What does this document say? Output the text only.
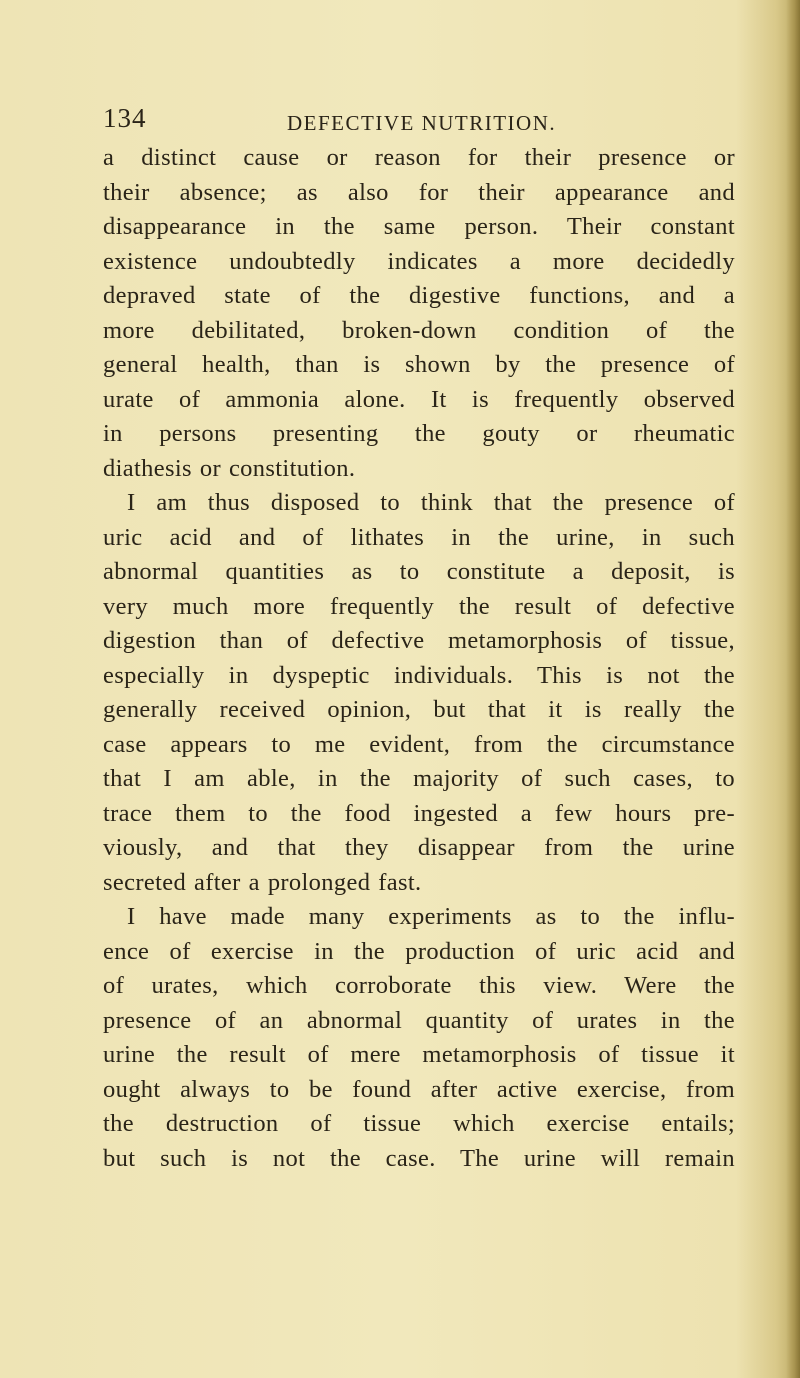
134	DEFECTIVE NUTRITION.
a distinct cause or reason for their presence or
their absence; as also for their appearance and
disappearance in the same person. Their constant
existence undoubtedly indicates a more decidedly
depraved state of the digestive functions, and a
more debilitated, broken-down condition of the
general health, than is shown by the presence of
urate of ammonia alone. It is frequently observed
in persons presenting the gouty or rheumatic
diathesis or constitution.
I am thus disposed to think that the presence of
uric acid and of lithates in the urine, in such
abnormal quantities as to constitute a deposit, is
very much more frequently the result of defective
digestion than of defective metamorphosis of tissue,
especially in dyspeptic individuals. This is not the
generally received opinion, but that it is really the
case appears to me evident, from the circumstance
that I am able, in the majority of such cases, to
trace them to the food ingested a few hours pre-
viously, and that they disappear from the urine
secreted after a prolonged fast.
I have made many experiments as to the influ-
ence of exercise in the production of uric acid and
of urates, which corroborate this view. Were the
presence of an abnormal quantity of urates in the
urine the result of mere metamorphosis of tissue it
ought always to be found after active exercise, from
the destruction of tissue which exercise entails;
but such is not the case. The urine will remain
